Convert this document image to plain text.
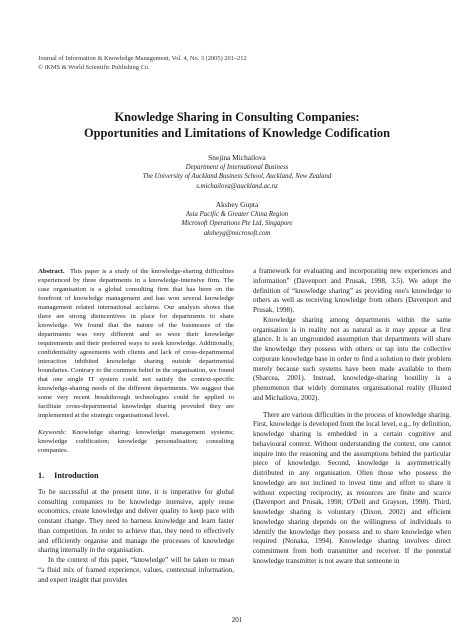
Journal of Information & Knowledge Management, Vol. 4, No. 3 (2005) 201–212
© iKMS & World Scientific Publishing Co.
Knowledge Sharing in Consulting Companies:
Opportunities and Limitations of Knowledge Codification
Snejina Michailova
Department of International Business
The University of Auckland Business School, Auckland, New Zealand
s.michailova@auckland.ac.nz
Akshey Gupta
Asia Pacific & Greater China Region
Microsoft Operations Pte Ltd, Singapore
aksheyg@microsoft.com

Abstract. This paper is a study of the knowledge-sharing difficulties experienced by three departments in a knowledge-intensive firm. The case organisation is a global consulting firm that has been on the forefront of knowledge management and has won several knowledge management related international acclaims. Our analysis shows that there are strong disincentives in place for departments to share knowledge. We found that the nature of the businesses of the departments was very different and so were their knowledge requirements and their preferred ways to seek knowledge. Additionally, confidentiality agreements with clients and lack of cross-departmental interaction inhibited knowledge sharing outside departmental boundaries. Contrary to the common belief in the organisation, we found that one single IT system could not satisfy the context-specific knowledge-sharing needs of the different departments. We suggest that some very recent breakthrough technologies could be applied to facilitate cross-departmental knowledge sharing provided they are implemented at the strategic organisational level.

Keywords: Knowledge sharing; knowledge management systems; knowledge codification; knowledge personalisation; consulting companies.

1. Introduction

To be successful at the present time, it is imperative for global consulting companies to be knowledge intensive, apply reuse economics, create knowledge and deliver quality to keep pace with constant change. They need to harness knowledge and learn faster than competition. In order to achieve that, they need to effectively and efficiently organise and manage the processes of knowledge sharing internally in the organisation.

In the context of this paper, “knowledge” will be taken to mean “a fluid mix of framed experience, values, contextual information, and expert insight that provides

a framework for evaluating and incorporating new experiences and information” (Davenport and Prusak, 1998, 3.5). We adopt the definition of “knowledge sharing” as providing one's knowledge to others as well as receiving knowledge from others (Davenport and Prusak, 1998).

Knowledge sharing among departments within the same organisation is in reality not as natural as it may appear at first glance. It is an ungrounded assumption that departments will share the knowledge they possess with others or tap into the collective corporate knowledge base in order to find a solution to their problem merely because such systems have been made available to them (Sharcea, 2001). Instead, knowledge-sharing hostility is a phenomenon that widely dominates organisational reality (Husted and Michailova, 2002).

There are various difficulties in the process of knowledge sharing. First, knowledge is developed from the local level, e.g., by definition, knowledge sharing is embedded in a certain cognitive and behavioural context. Without understanding the context, one cannot inquire into the reasoning and the assumptions behind the particular piece of knowledge. Second, knowledge is asymmetrically distributed in any organisation. Often those who possess the knowledge are not inclined to invest time and effort to share it without expecting reciprocity, as resources are finite and scarce (Davenport and Prusak, 1998; O'Dell and Grayson, 1998). Third, knowledge sharing is voluntary (Dixon, 2002) and efficient knowledge sharing depends on the willingness of individuals to identify the knowledge they possess and to share knowledge when required (Nonaka, 1994). Knowledge sharing involves direct commitment from both transmitter and receiver. If the potential knowledge transmitter is not aware that someone in

201
